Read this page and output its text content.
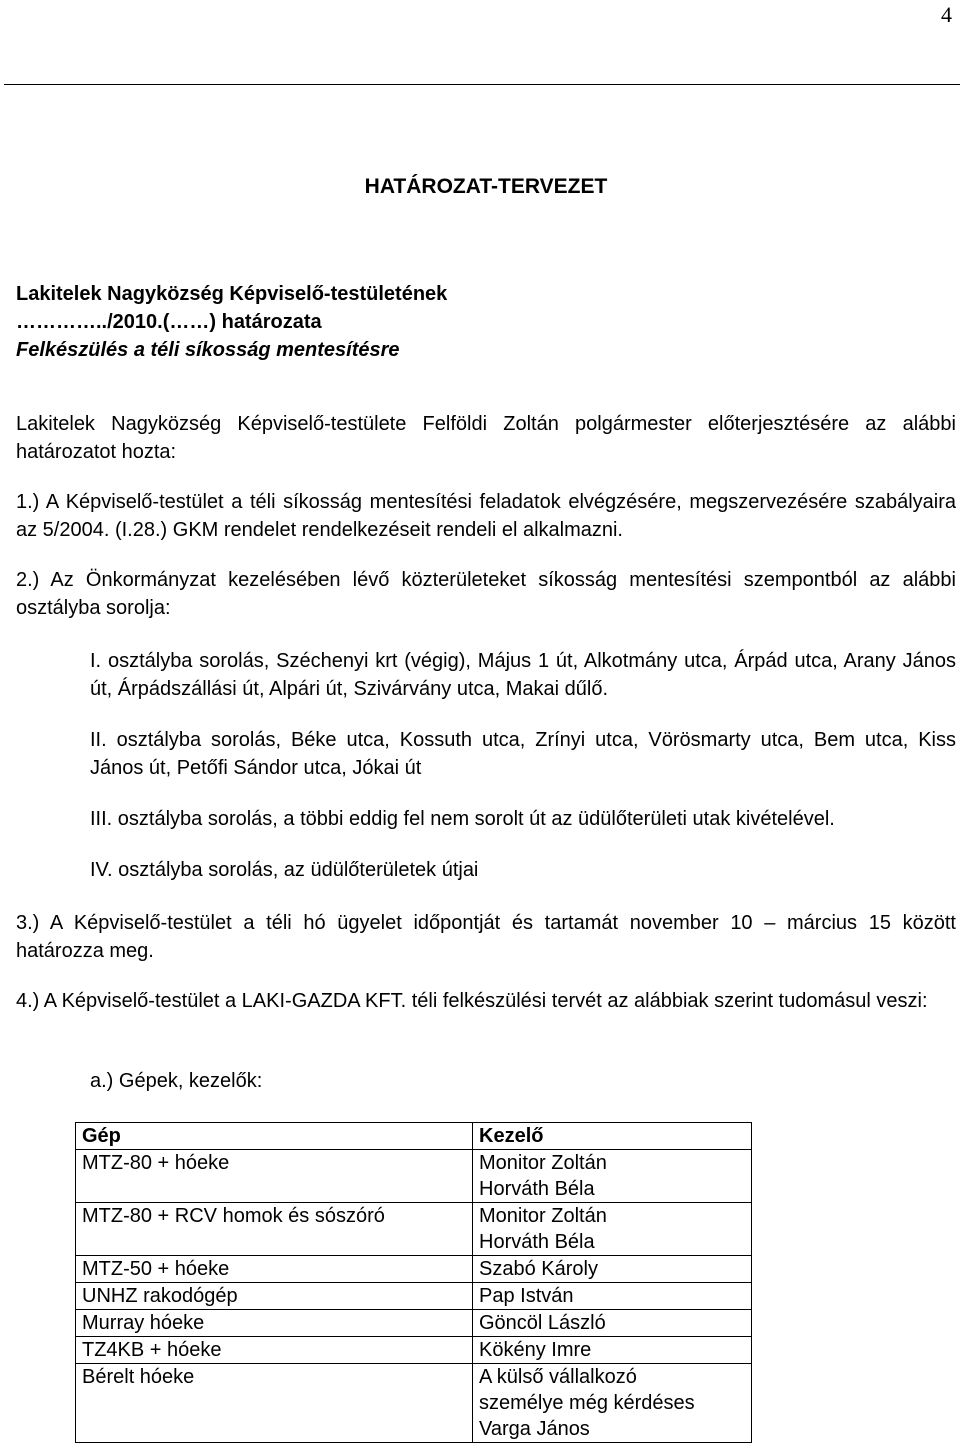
4
HATÁROZAT-TERVEZET
Lakitelek Nagyközség Képviselő-testületének
…………../2010.(……) határozata
Felkészülés a téli síkosság mentesítésre
Lakitelek Nagyközség Képviselő-testülete Felföldi Zoltán polgármester előterjesztésére az alábbi határozatot hozta:
1.) A Képviselő-testület a téli síkosság mentesítési feladatok elvégzésére, megszervezésére szabályaira az 5/2004. (I.28.) GKM rendelet rendelkezéseit rendeli el alkalmazni.
2.) Az Önkormányzat kezelésében lévő közterületeket síkosság mentesítési szempontból az alábbi osztályba sorolja:
I. osztályba sorolás, Széchenyi krt (végig), Május 1 út, Alkotmány utca, Árpád utca, Arany János út, Árpádszállási út, Alpári út, Szivárvány utca, Makai dűlő.
II. osztályba sorolás, Béke utca, Kossuth utca, Zrínyi utca, Vörösmarty utca, Bem utca, Kiss János út, Petőfi Sándor utca, Jókai út
III. osztályba sorolás, a többi eddig fel nem sorolt út az üdülőterületi utak kivételével.
IV. osztályba sorolás, az üdülőterületek útjai
3.) A Képviselő-testület a téli hó ügyelet időpontját és tartamát november 10 – március 15 között határozza meg.
4.) A Képviselő-testület a LAKI-GAZDA KFT. téli felkészülési tervét az alábbiak szerint tudomásul veszi:
a.) Gépek, kezelők:
Gép	Kezelő
MTZ-80 + hóeke	Monitor Zoltán
Horváth Béla
MTZ-80 + RCV homok és sószóró	Monitor Zoltán
Horváth Béla
MTZ-50 + hóeke	Szabó Károly
UNHZ rakodógép	Pap István
Murray hóeke	Göncöl László
TZ4KB + hóeke	Kökény Imre
Bérelt hóeke	A külső vállalkozó
személye még kérdéses
Varga János
